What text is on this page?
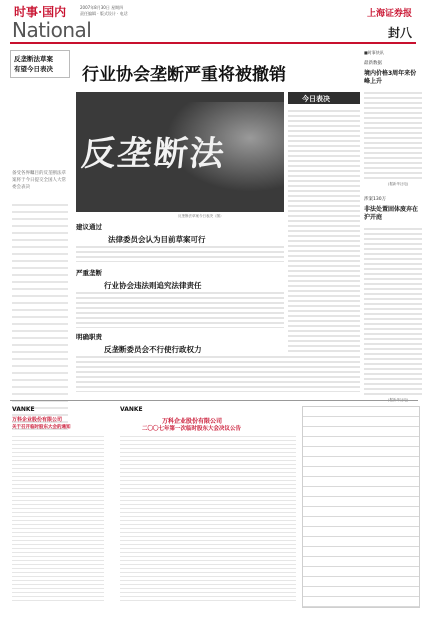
时事·国内
National
2007年8月30日 星期四
责任编辑 · 版式设计 · 电话	上海证券报
封八
反垄断法草案
有望今日表决
备受各界瞩目的反垄断法草案将于今日提交全国人大常委会表决
行业协会垄断严重将被撤销
反垄断法
反垄断法草案今日表决（图）
今日表决
建议通过
法律委员会认为目前草案可行
严重垄断
行业协会违法则追究法律责任
明确职责
反垄断委员会不行使行政权力
■时事快讯
最新数据
境内价格3周年来份峰上升
(据新华社电)
涉案130万
非法处置固体废弃在沪开庭
VANKE
万科企业股份有限公司
关于召开临时股东大会的通知
VANKE
万科企业股份有限公司
二〇〇七年第一次临时股东大会决议公告
